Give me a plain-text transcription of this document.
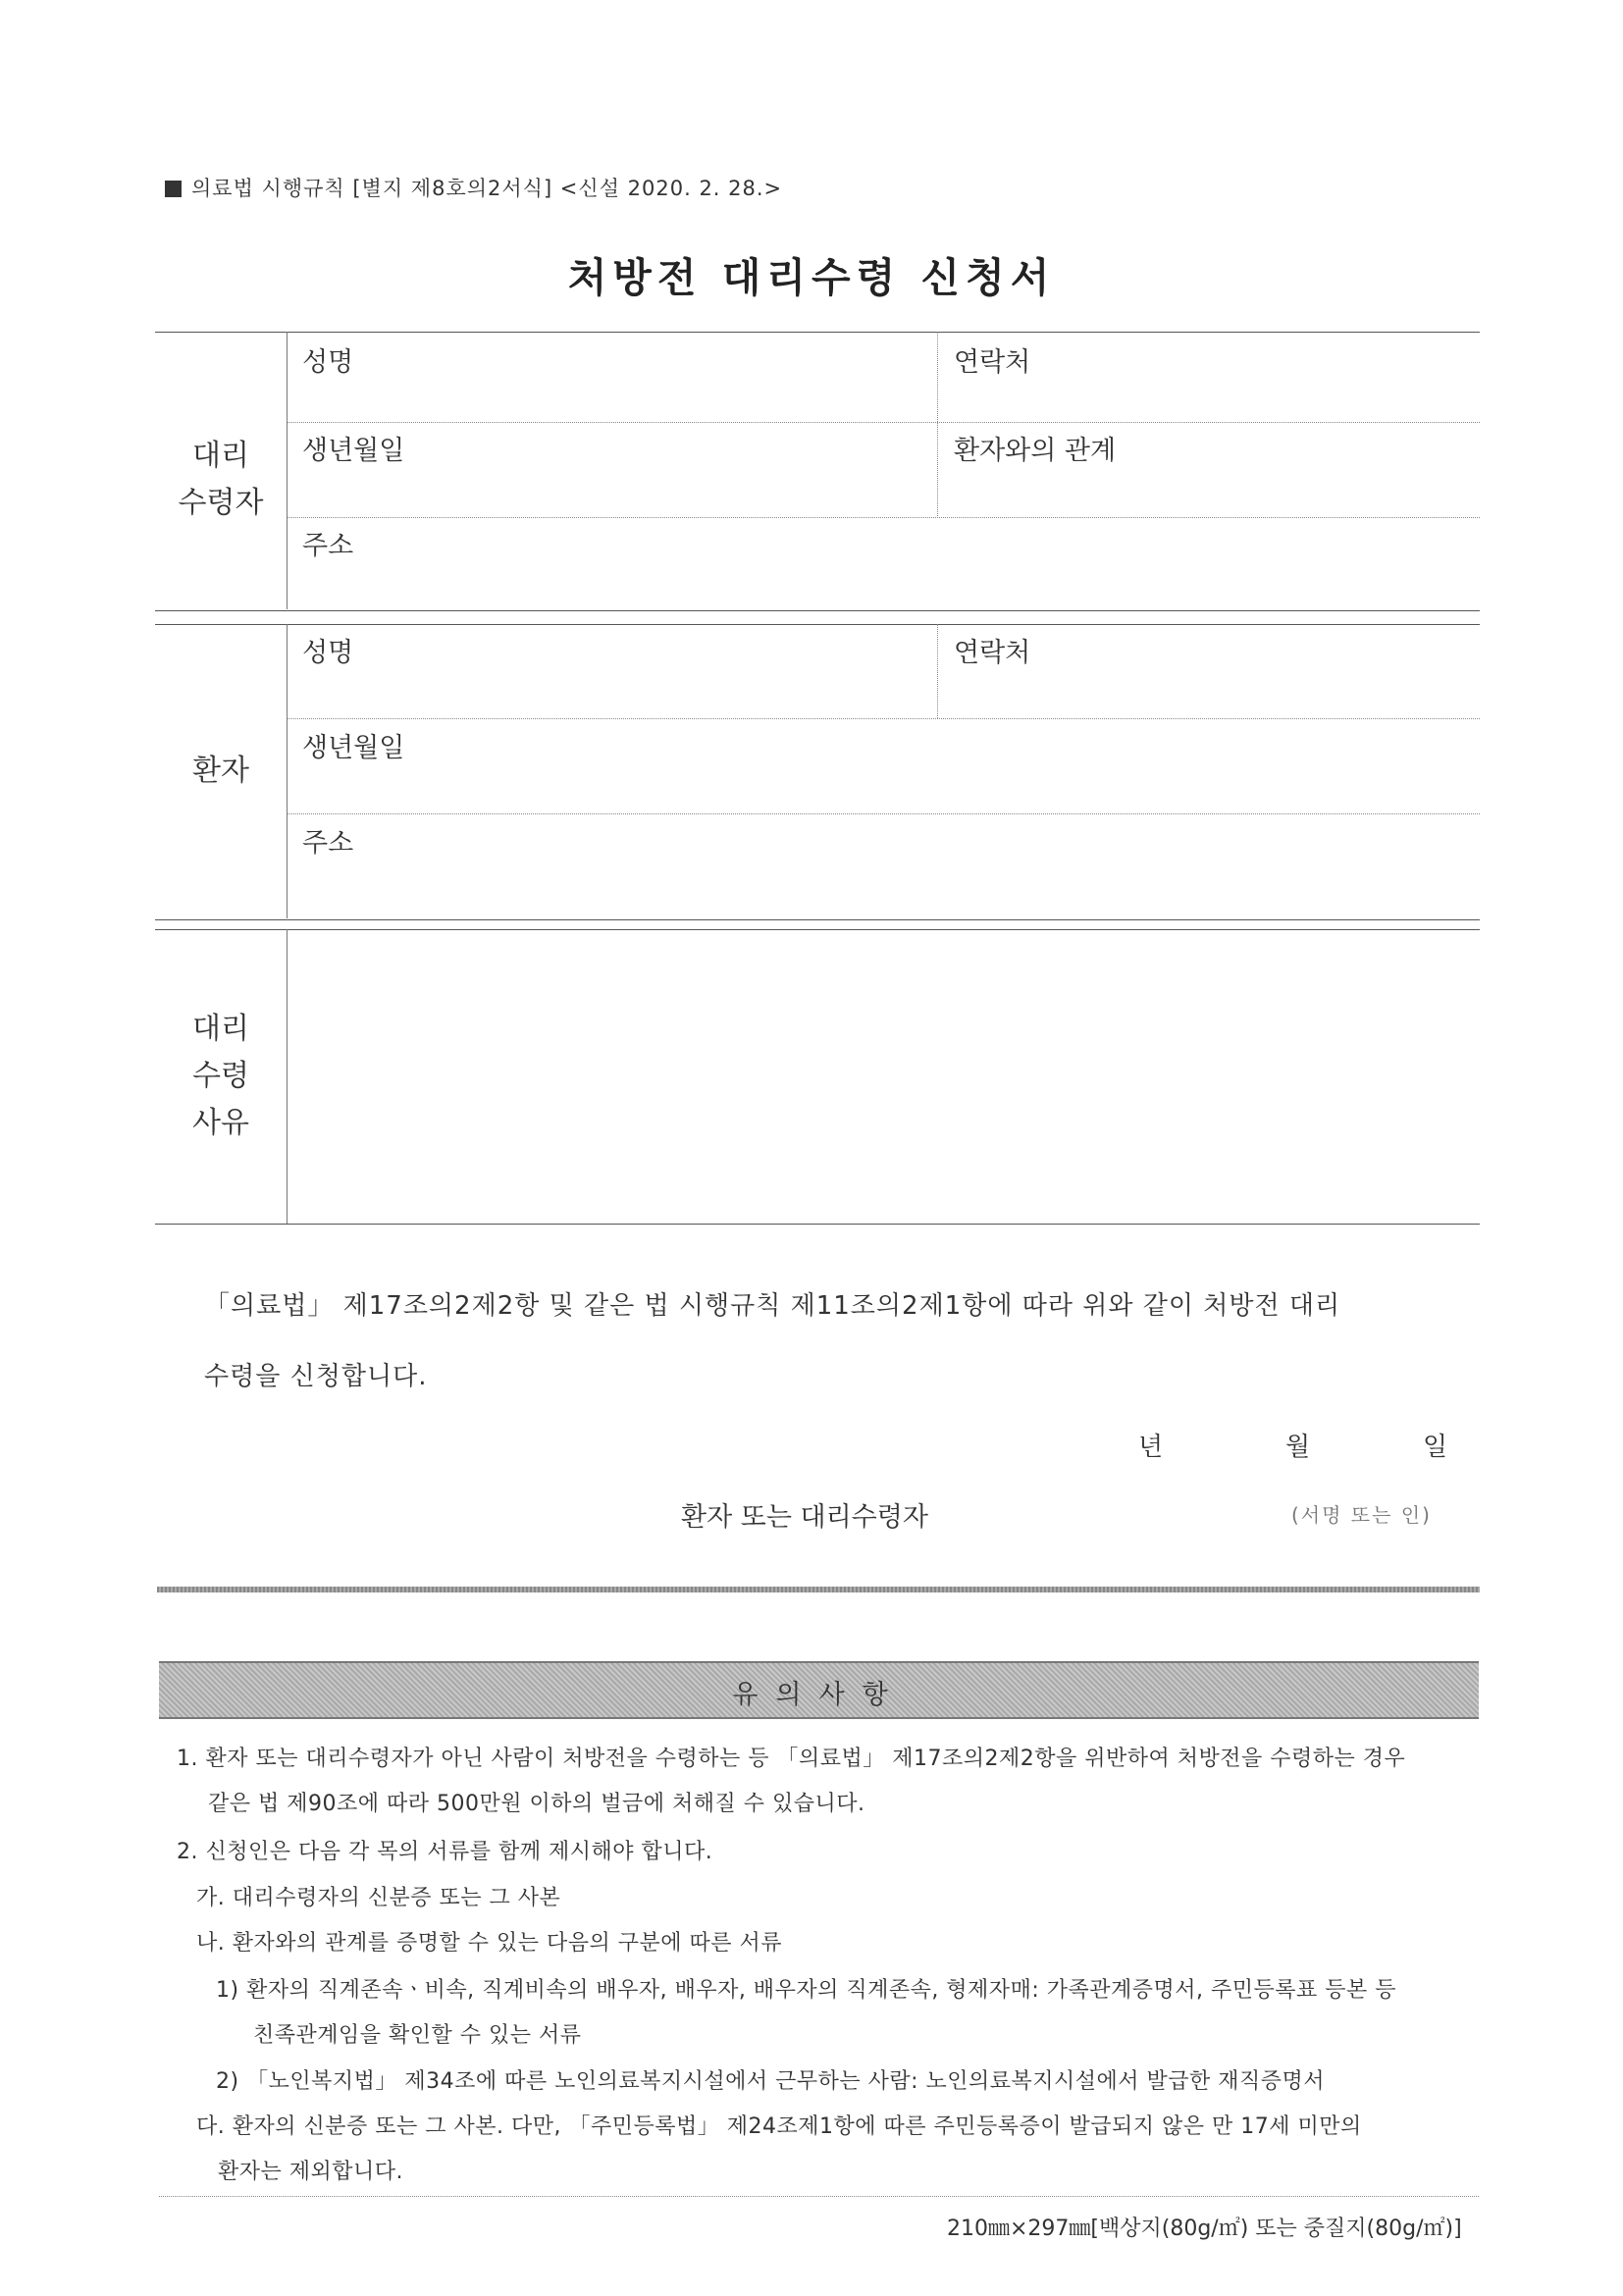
의료법 시행규칙 [별지 제8호의2서식] <신설 2020. 2. 28.>
처방전 대리수령 신청서
대리
수령자
성명	연락처
생년월일	환자와의 관계
주소
환자
성명	연락처
생년월일
주소
대리
수령
사유
「의료법」 제17조의2제2항 및 같은 법 시행규칙 제11조의2제1항에 따라 위와 같이 처방전 대리
수령을 신청합니다.
년	월	일
환자 또는 대리수령자	(서명 또는 인)
유의사항
1. 환자 또는 대리수령자가 아닌 사람이 처방전을 수령하는 등 「의료법」 제17조의2제2항을 위반하여 처방전을 수령하는 경우
같은 법 제90조에 따라 500만원 이하의 벌금에 처해질 수 있습니다.
2. 신청인은 다음 각 목의 서류를 함께 제시해야 합니다.
가. 대리수령자의 신분증 또는 그 사본
나. 환자와의 관계를 증명할 수 있는 다음의 구분에 따른 서류
1) 환자의 직계존속ㆍ비속, 직계비속의 배우자, 배우자, 배우자의 직계존속, 형제자매: 가족관계증명서, 주민등록표 등본 등
친족관계임을 확인할 수 있는 서류
2) 「노인복지법」 제34조에 따른 노인의료복지시설에서 근무하는 사람: 노인의료복지시설에서 발급한 재직증명서
다. 환자의 신분증 또는 그 사본. 다만, 「주민등록법」 제24조제1항에 따른 주민등록증이 발급되지 않은 만 17세 미만의
환자는 제외합니다.
210㎜×297㎜[백상지(80g/㎡) 또는 중질지(80g/㎡)]
